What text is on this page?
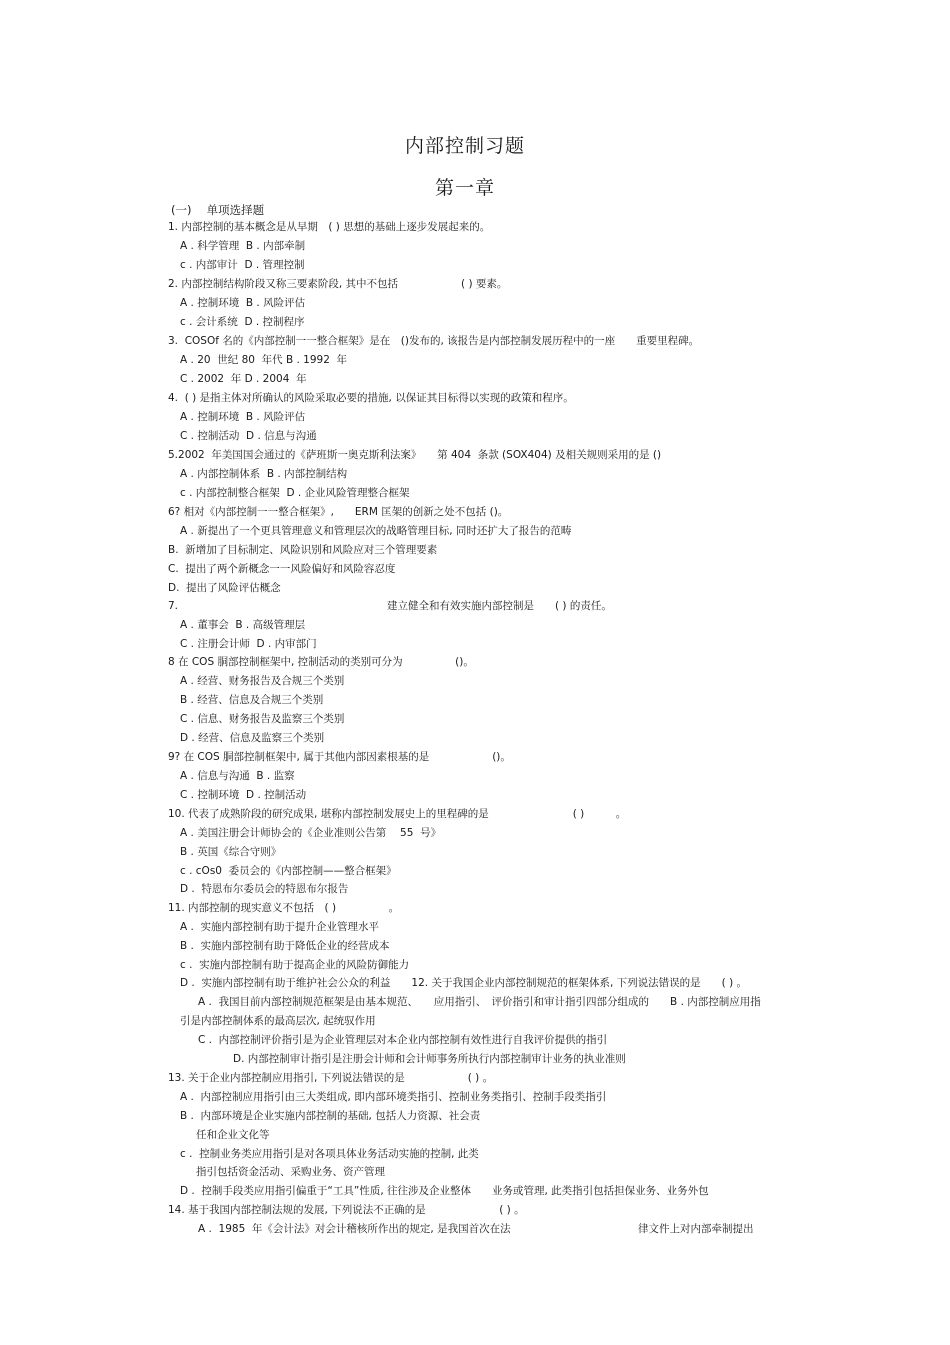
内部控制习题
第一章
(一)　 单项选择题
1. 内部控制的基本概念是从早期　( ) 思想的基础上逐步发展起来的。
A . 科学管理  B . 内部牵制
c . 内部审计  D . 管理控制
2. 内部控制结构阶段又称三要素阶段, 其中不包括　　　　　　( ) 要素。
A . 控制环境  B . 风险评估
c . 会计系统  D . 控制程序
3.  COSOf 名的《内部控制一一整合框架》是在　()发布的, 该报告是内部控制发展历程中的一座　　重要里程碑。
A . 20  世纪 80  年代 B . 1992  年
C . 2002  年 D . 2004  年
4.  ( ) 是指主体对所确认的风险采取必要的措施, 以保证其目标得以实现的政策和程序。
A . 控制环境  B . 风险评估
C . 控制活动  D . 信息与沟通
5.2002  年美国国会通过的《萨班斯一奥克斯利法案》　　第 404  条款 (SOX404) 及相关规则采用的是 ()
A . 内部控制体系  B . 内部控制结构
c . 内部控制整合框架  D . 企业风险管理整合框架
6? 相对《内部控制一一整合框架》,　　ERM 匡架的创新之处不包括 ()。
A . 新提出了一个更具管理意义和管理层次的战略管理目标, 同时还扩大了报告的范畴
B.  新增加了目标制定、风险识别和风险应对三个管理要素
C.  提出了两个新概念一一风险偏好和风险容忍度
D.  提出了风险评估概念
7.	建立健全和有效实施内部控制是　　( ) 的责任。
A . 董事会  B . 高级管理层
C . 注册会计师  D . 内审部门
8 在 COS 胴部控制框架中, 控制活动的类别可分为　　　　　()。
A . 经营、财务报告及合规三个类别
B . 经营、信息及合规三个类别
C . 信息、财务报告及监察三个类别
D . 经营、信息及监察三个类别
9? 在 COS 胴部控制框架中, 属于其他内部因素根基的是　　　　　　()。
A . 信息与沟通  B . 监察
C . 控制环境  D . 控制活动
10. 代表了成熟阶段的研究成果, 堪称内部控制发展史上的里程碑的是　　　　　　　　( )　　　。
A . 美国注册会计师协会的《企业准则公告第　 55  号》
B . 英国《综合守则》
c . cOs0  委员会的《内部控制——整合框架》
D .  特恩布尔委员会的特恩布尔报告
11. 内部控制的现实意义不包括　( )　　　　　。
A .  实施内部控制有助于提升企业管理水平
B .  实施内部控制有助于降低企业的经营成本
c .  实施内部控制有助于提高企业的风险防御能力
D .  实施内部控制有助于维护社会公众的利益　　12. 关于我国企业内部控制规范的框架体系, 下列说法错误的是　　( ) 。
A .  我国目前内部控制规范框架是由基本规范、　　应用指引、　评价指引和审计指引四部分组成的　　B . 内部控制应用指
引是内部控制体系的最高层次, 起统驭作用
C .  内部控制评价指引是为企业管理层对本企业内部控制有效性进行自我评价提供的指引
D. 内部控制审计指引是注册会计师和会计师事务所执行内部控制审计业务的执业准则
13. 关于企业内部控制应用指引, 下列说法错误的是　　　　　　( ) 。
A .  内部控制应用指引由三大类组成, 即内部环境类指引、控制业务类指引、控制手段类指引
B .  内部环境是企业实施内部控制的基础, 包括人力资源、社会责
任和企业文化等
c .  控制业务类应用指引是对各项具体业务活动实施的控制, 此类
指引包括资金活动、采购业务、资产管理
D .  控制手段类应用指引偏重于“工具”性质, 往往涉及企业整体　　业务或管理, 此类指引包括担保业务、业务外包
14. 基于我国内部控制法规的发展, 下列说法不正确的是　　　　　　　( ) 。
A .  1985  年《会计法》对会计稽核所作出的规定, 是我国首次在法	律文件上对内部牵制提出
